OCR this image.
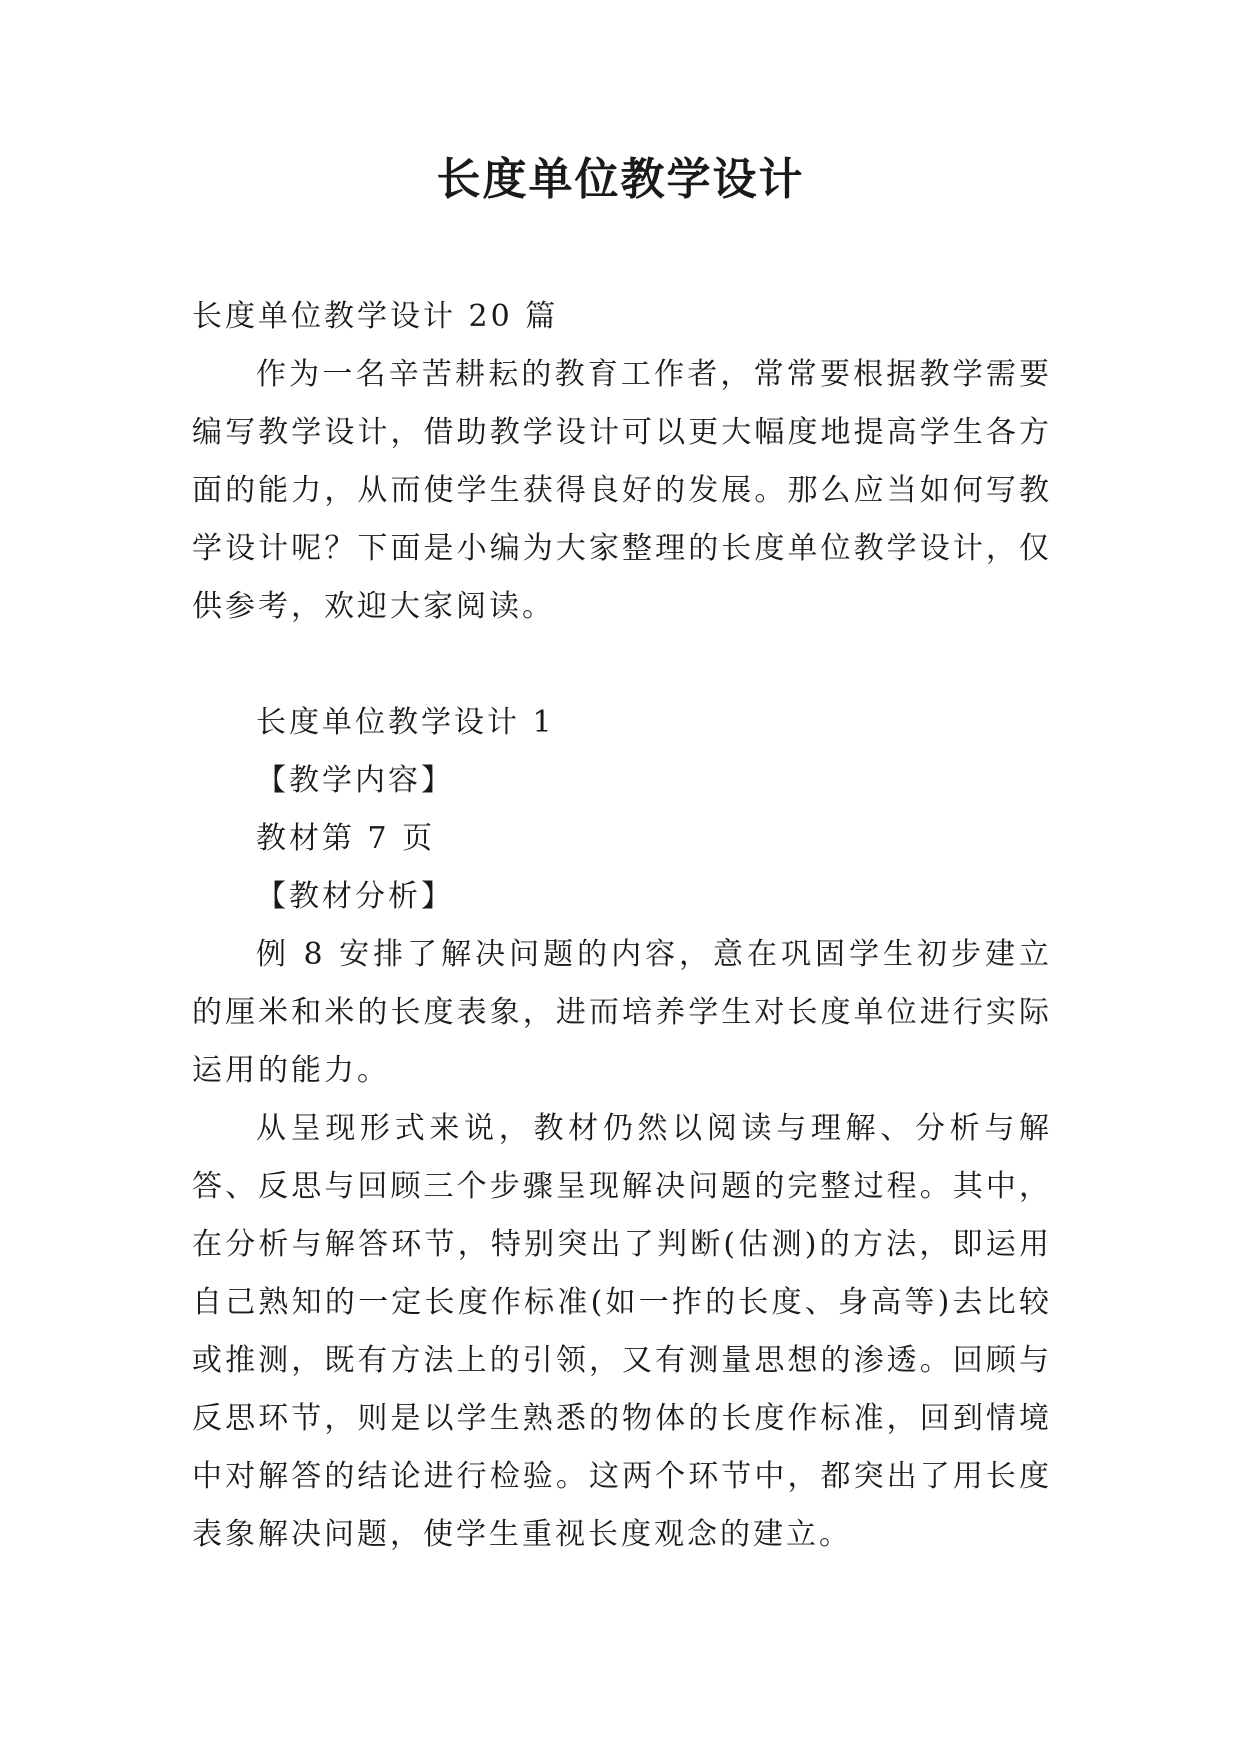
长度单位教学设计

长度单位教学设计 20 篇

作为一名辛苦耕耘的教育工作者，常常要根据教学需要编写教学设计，借助教学设计可以更大幅度地提高学生各方面的能力，从而使学生获得良好的发展。那么应当如何写教学设计呢？下面是小编为大家整理的长度单位教学设计，仅供参考，欢迎大家阅读。

长度单位教学设计 1

【教学内容】

教材第 7 页

【教材分析】

例 8 安排了解决问题的内容，意在巩固学生初步建立的厘米和米的长度表象，进而培养学生对长度单位进行实际运用的能力。

从呈现形式来说，教材仍然以阅读与理解、分析与解答、反思与回顾三个步骤呈现解决问题的完整过程。其中，在分析与解答环节，特别突出了判断(估测)的方法，即运用自己熟知的一定长度作标准(如一拃的长度、身高等)去比较或推测，既有方法上的引领，又有测量思想的渗透。回顾与反思环节，则是以学生熟悉的物体的长度作标准，回到情境中对解答的结论进行检验。这两个环节中，都突出了用长度表象解决问题，使学生重视长度观念的建立。
